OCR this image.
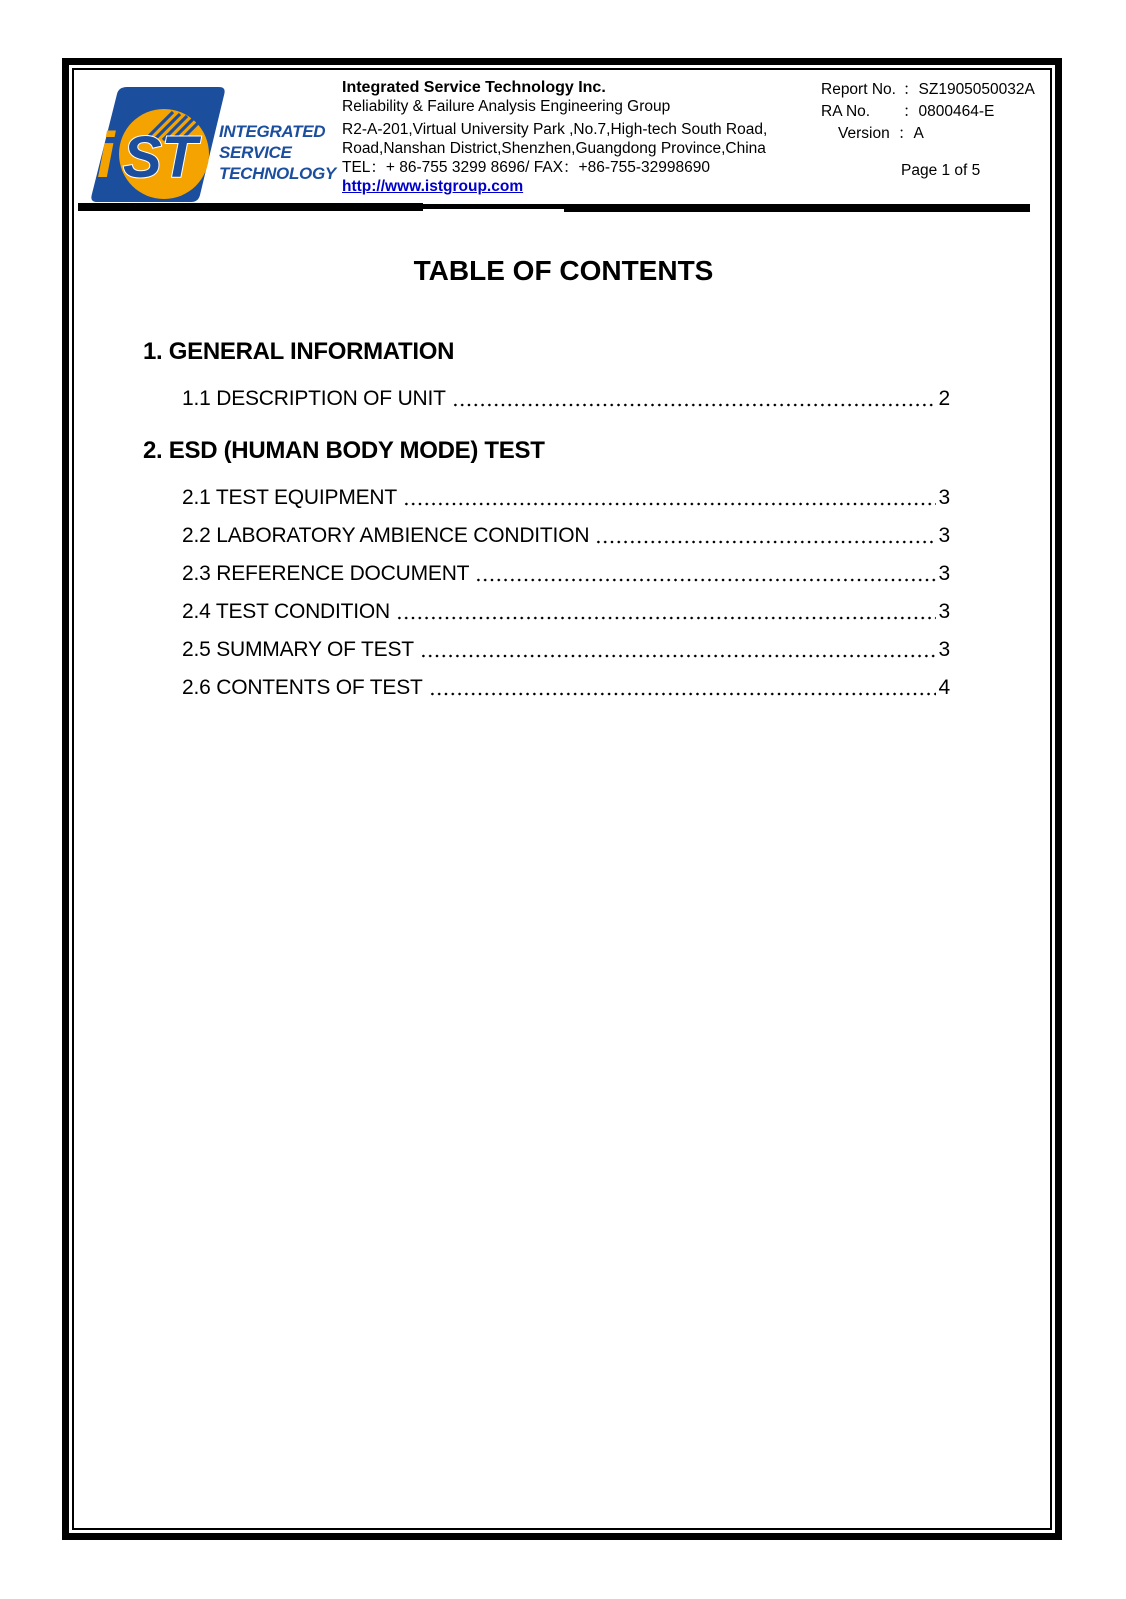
i ST INTEGRATED
SERVICE
TECHNOLOGY
Integrated Service Technology Inc.
Reliability & Failure Analysis Engineering Group
R2-A-201,Virtual University Park ,No.7,High-tech South Road,
Road,Nanshan District,Shenzhen,Guangdong Province,China
TEL：+ 86-755 3299 8696/ FAX：+86-755-32998690
http://www.istgroup.com
Report No. ： SZ1905050032A
RA No.	： 0800464-E
Version ： A
Page 1 of 5
TABLE OF CONTENTS
1. GENERAL INFORMATION
1.1 DESCRIPTION OF UNIT	2
2. ESD (HUMAN BODY MODE) TEST
2.1 TEST EQUIPMENT	3
2.2 LABORATORY AMBIENCE CONDITION	3
2.3 REFERENCE DOCUMENT	3
2.4 TEST CONDITION	3
2.5 SUMMARY OF TEST	3
2.6 CONTENTS OF TEST	4
